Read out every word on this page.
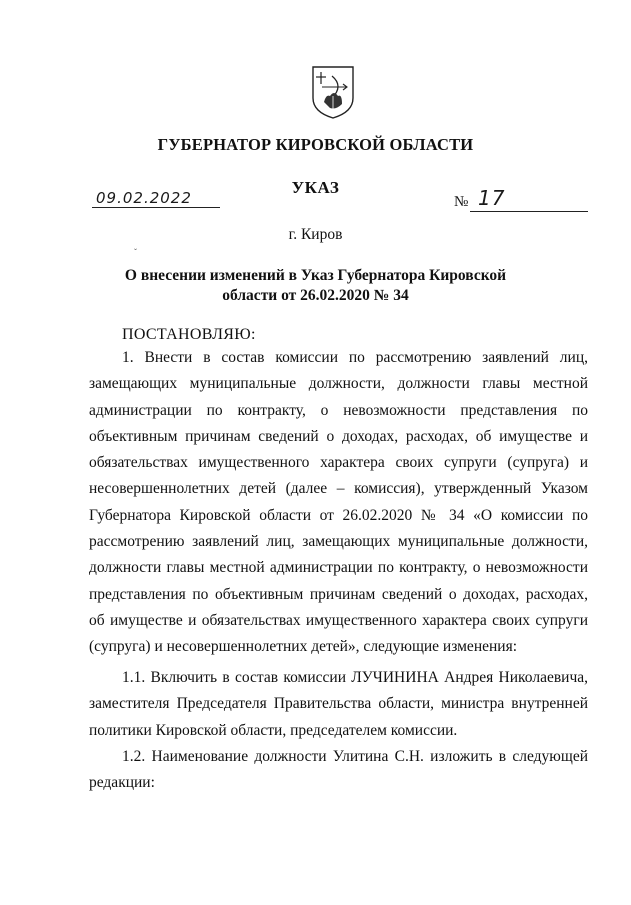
ГУБЕРНАТОР КИРОВСКОЙ ОБЛАСТИ
УКАЗ
09.02.2022	№ 17
г. Киров
ˇ
О внесении изменений в Указ Губернатора Кировской области от 26.02.2020 № 34
ПОСТАНОВЛЯЮ:
1. Внести в состав комиссии по рассмотрению заявлений лиц, замещающих муниципальные должности, должности главы местной администрации по контракту, о невозможности представления по объективным причинам сведений о доходах, расходах, об имуществе и обязательствах имущественного характера своих супруги (супруга) и несовершеннолетних детей (далее – комиссия), утвержденный Указом Губернатора Кировской области от 26.02.2020 № 34 «О комиссии по рассмотрению заявлений лиц, замещающих муниципальные должности, должности главы местной администрации по контракту, о невозможности представления по объективным причинам сведений о доходах, расходах, об имуществе и обязательствах имущественного характера своих супруги (супруга) и несовершеннолетних детей», следующие изменения:
1.1. Включить в состав комиссии ЛУЧИНИНА Андрея Николаевича, заместителя Председателя Правительства области, министра внутренней политики Кировской области, председателем комиссии.
1.2. Наименование должности Улитина С.Н. изложить в следующей редакции:
